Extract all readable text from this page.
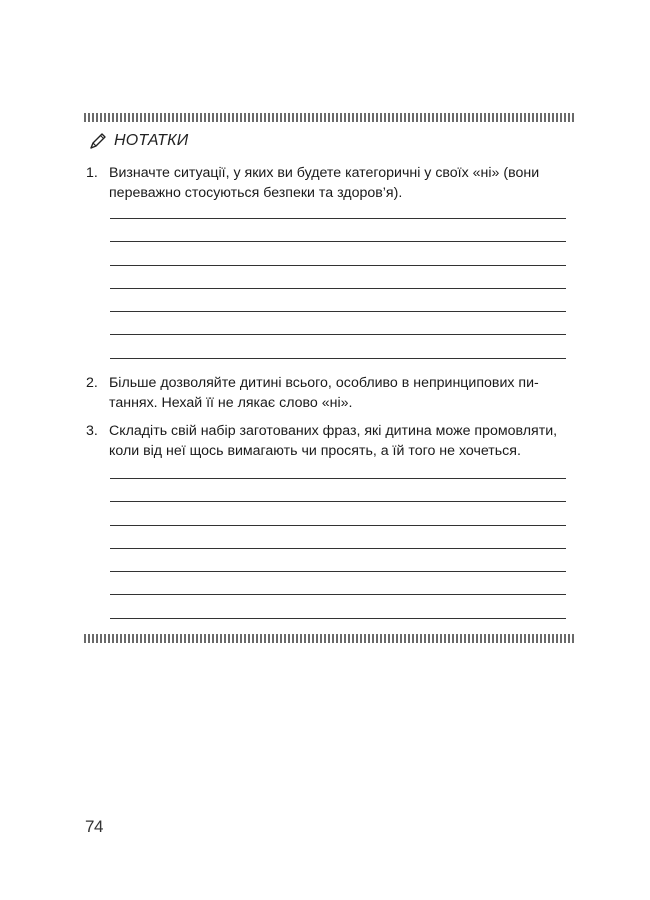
НОТАТКИ
1. Визначте ситуації, у яких ви будете категоричні у своїх «ні» (вони
переважно стосуються безпеки та здоров’я).
2. Більше дозволяйте дитині всього, особливо в непринципових пи-
таннях. Нехай її не лякає слово «ні».
3. Складіть свій набір заготованих фраз, які дитина може промовляти,
коли від неї щось вимагають чи просять, а їй того не хочеться.
74
